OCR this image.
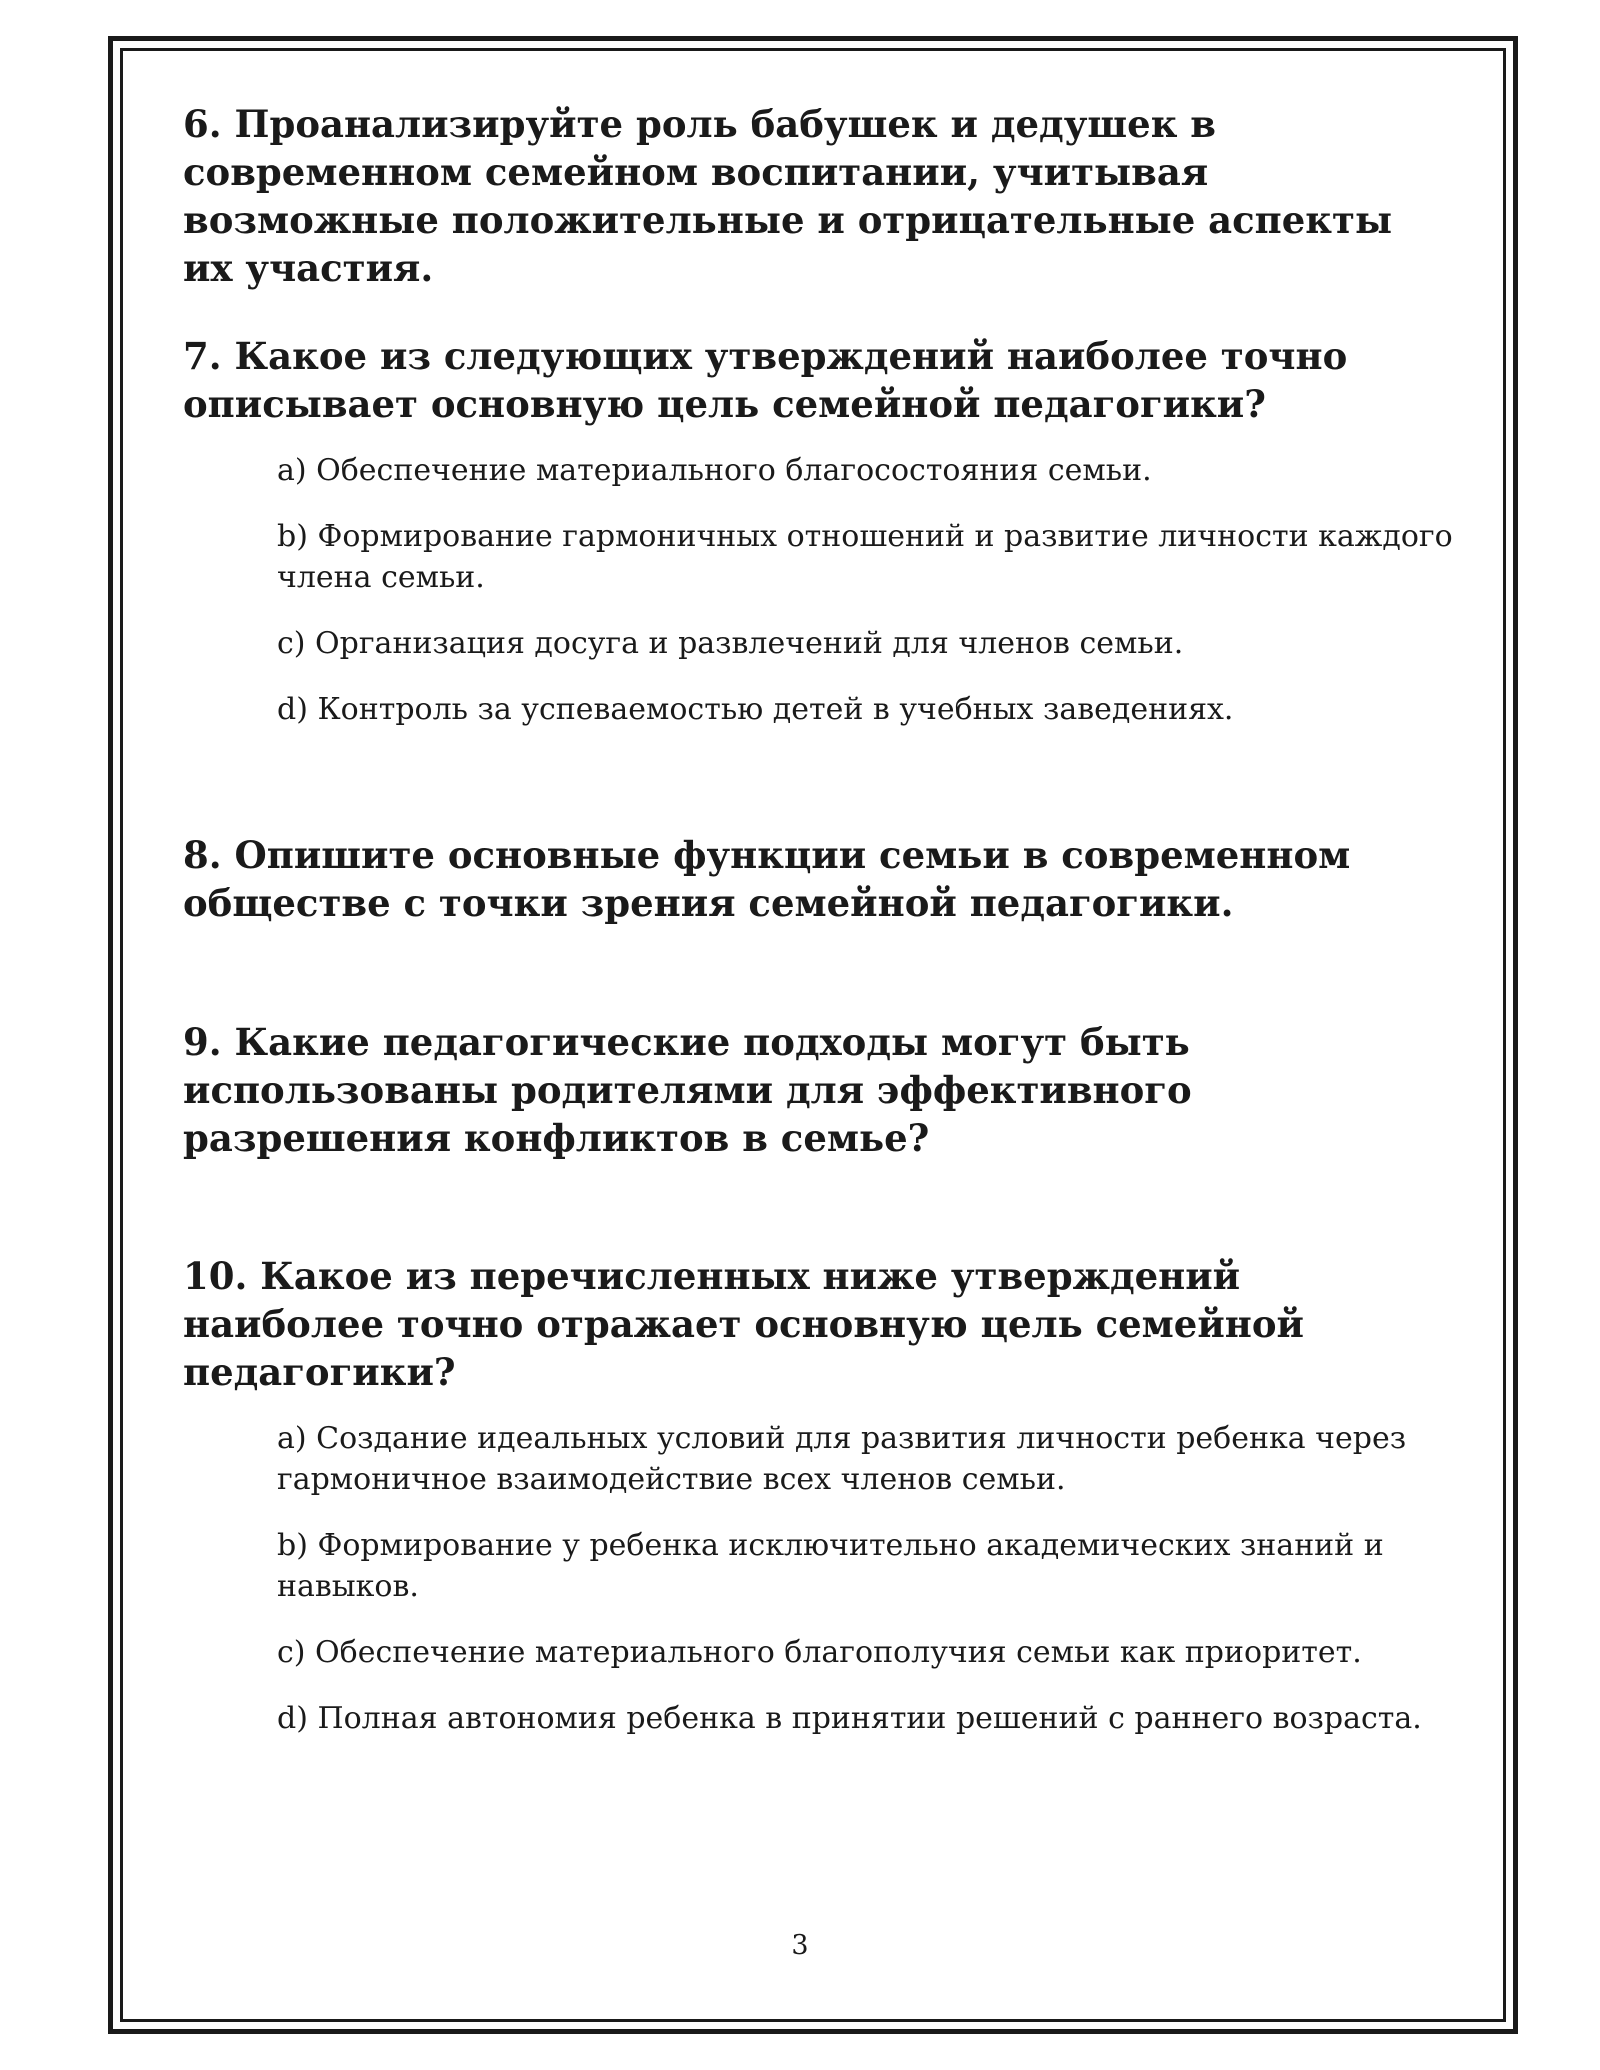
6. Проанализируйте роль бабушек и дедушек в современном семейном воспитании, учитывая возможные положительные и отрицательные аспекты их участия.

7. Какое из следующих утверждений наиболее точно описывает основную цель семейной педагогики?

a) Обеспечение материального благосостояния семьи.
b) Формирование гармоничных отношений и развитие личности каждого члена семьи.
c) Организация досуга и развлечений для членов семьи.
d) Контроль за успеваемостью детей в учебных заведениях.

8. Опишите основные функции семьи в современном обществе с точки зрения семейной педагогики.

9. Какие педагогические подходы могут быть использованы родителями для эффективного разрешения конфликтов в семье?

10. Какое из перечисленных ниже утверждений наиболее точно отражает основную цель семейной педагогики?

a) Создание идеальных условий для развития личности ребенка через гармоничное взаимодействие всех членов семьи.
b) Формирование у ребенка исключительно академических знаний и навыков.
c) Обеспечение материального благополучия семьи как приоритет.
d) Полная автономия ребенка в принятии решений с раннего возраста.
3
